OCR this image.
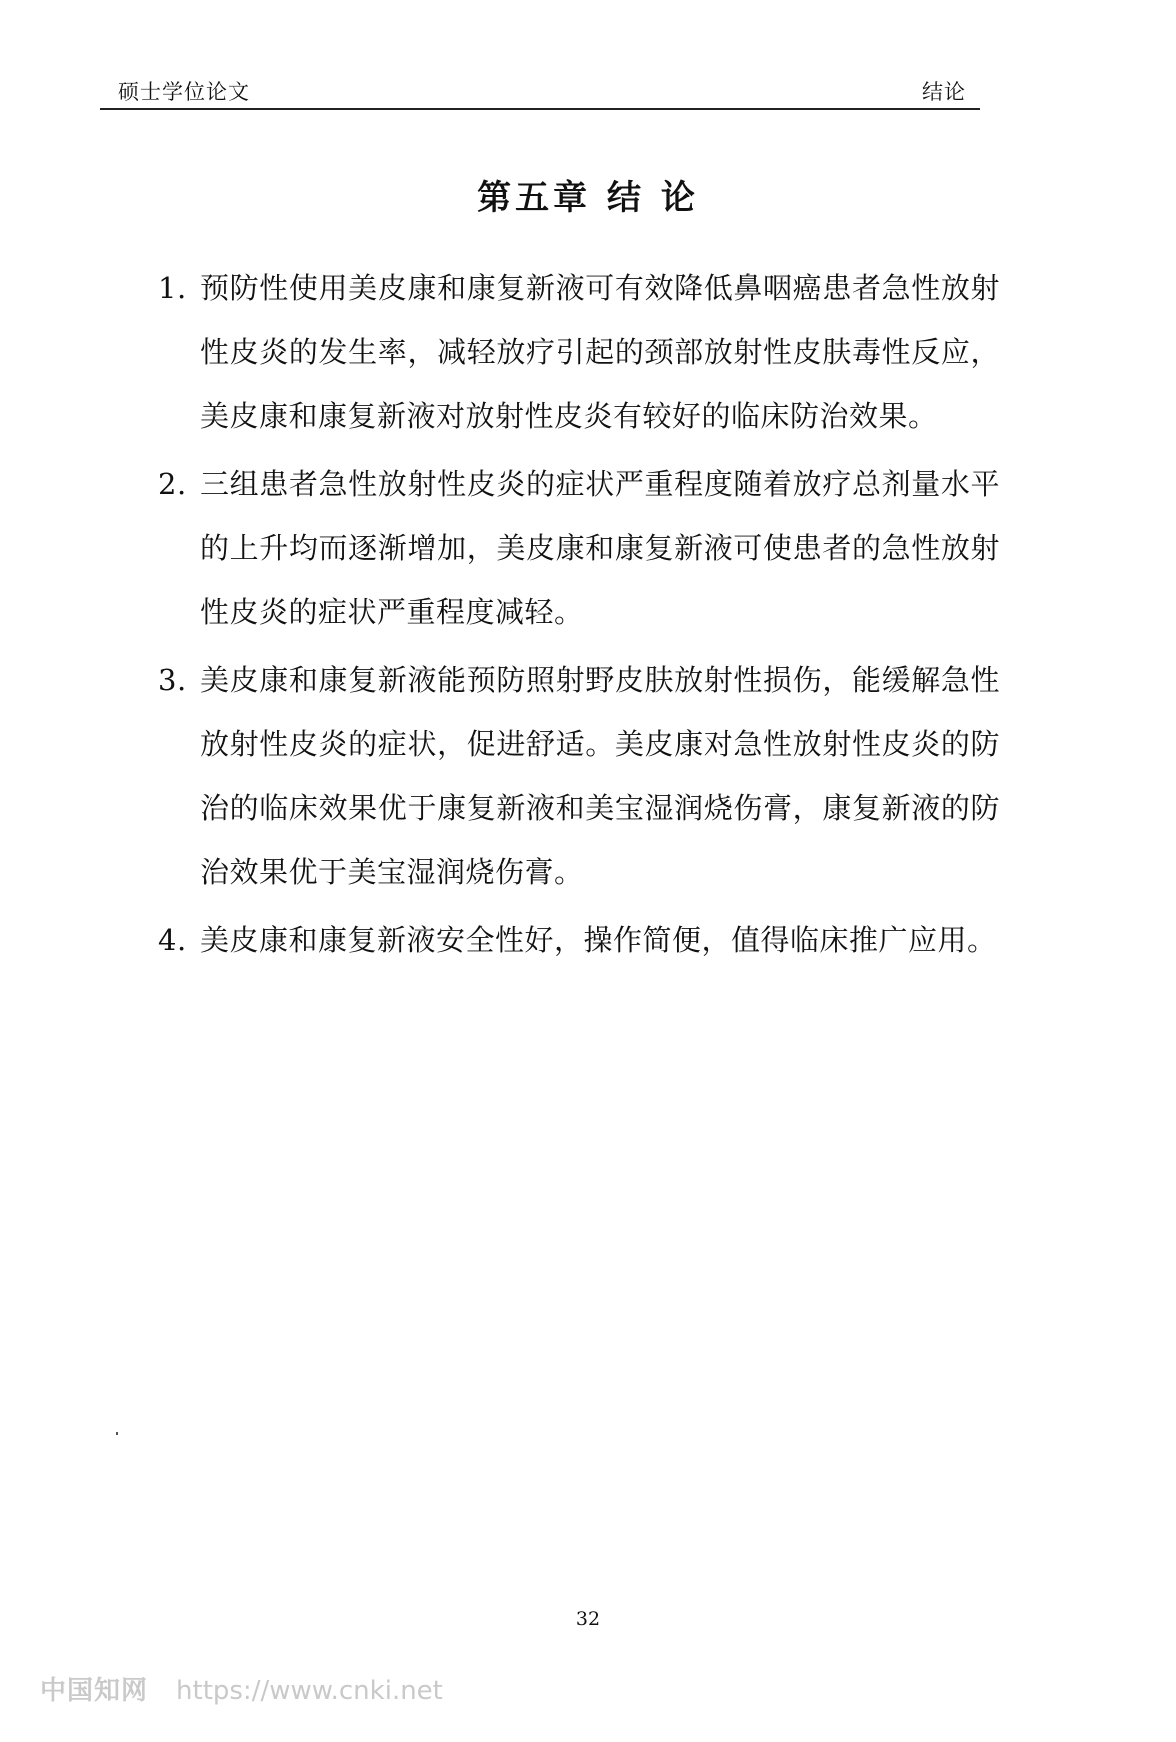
硕士学位论文	结论
第五章 结 论
1. 预防性使用美皮康和康复新液可有效降低鼻咽癌患者急性放射性皮炎的发生率，减轻放疗引起的颈部放射性皮肤毒性反应，美皮康和康复新液对放射性皮炎有较好的临床防治效果。
2. 三组患者急性放射性皮炎的症状严重程度随着放疗总剂量水平的上升均而逐渐增加，美皮康和康复新液可使患者的急性放射性皮炎的症状严重程度减轻。
3. 美皮康和康复新液能预防照射野皮肤放射性损伤，能缓解急性放射性皮炎的症状，促进舒适。美皮康对急性放射性皮炎的防治的临床效果优于康复新液和美宝湿润烧伤膏，康复新液的防治效果优于美宝湿润烧伤膏。
4. 美皮康和康复新液安全性好，操作简便，值得临床推广应用。
32
中国知网 https://www.cnki.net
